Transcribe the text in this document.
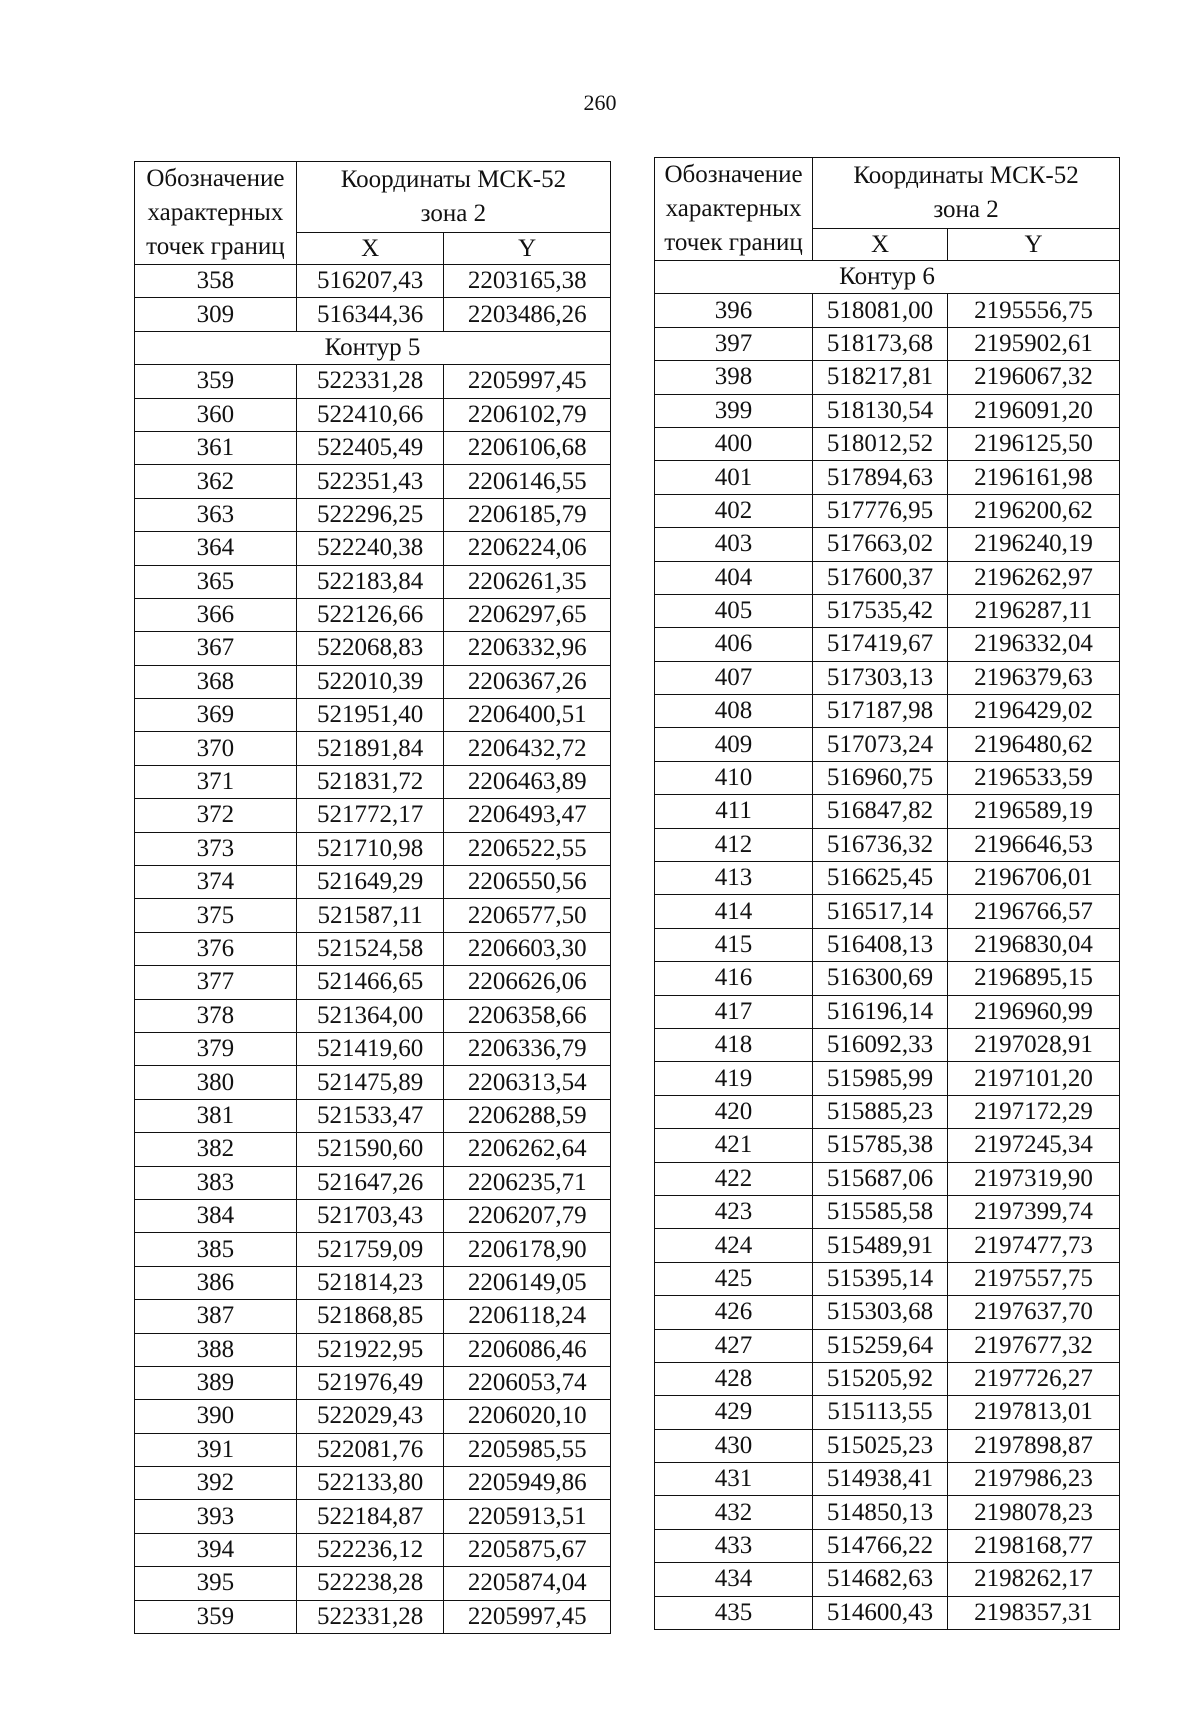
260
Обозначение
характерных
точек границ	Координаты МСК-52
зона 2	
	X	Y
358	516207,43	2203165,38
309	516344,36	2203486,26
Контур 5		
359	522331,28	2205997,45
360	522410,66	2206102,79
361	522405,49	2206106,68
362	522351,43	2206146,55
363	522296,25	2206185,79
364	522240,38	2206224,06
365	522183,84	2206261,35
366	522126,66	2206297,65
367	522068,83	2206332,96
368	522010,39	2206367,26
369	521951,40	2206400,51
370	521891,84	2206432,72
371	521831,72	2206463,89
372	521772,17	2206493,47
373	521710,98	2206522,55
374	521649,29	2206550,56
375	521587,11	2206577,50
376	521524,58	2206603,30
377	521466,65	2206626,06
378	521364,00	2206358,66
379	521419,60	2206336,79
380	521475,89	2206313,54
381	521533,47	2206288,59
382	521590,60	2206262,64
383	521647,26	2206235,71
384	521703,43	2206207,79
385	521759,09	2206178,90
386	521814,23	2206149,05
387	521868,85	2206118,24
388	521922,95	2206086,46
389	521976,49	2206053,74
390	522029,43	2206020,10
391	522081,76	2205985,55
392	522133,80	2205949,86
393	522184,87	2205913,51
394	522236,12	2205875,67
395	522238,28	2205874,04
359	522331,28	2205997,45
Обозначение
характерных
точек границ	Координаты МСК-52
зона 2	
	X	Y
Контур 6		
396	518081,00	2195556,75
397	518173,68	2195902,61
398	518217,81	2196067,32
399	518130,54	2196091,20
400	518012,52	2196125,50
401	517894,63	2196161,98
402	517776,95	2196200,62
403	517663,02	2196240,19
404	517600,37	2196262,97
405	517535,42	2196287,11
406	517419,67	2196332,04
407	517303,13	2196379,63
408	517187,98	2196429,02
409	517073,24	2196480,62
410	516960,75	2196533,59
411	516847,82	2196589,19
412	516736,32	2196646,53
413	516625,45	2196706,01
414	516517,14	2196766,57
415	516408,13	2196830,04
416	516300,69	2196895,15
417	516196,14	2196960,99
418	516092,33	2197028,91
419	515985,99	2197101,20
420	515885,23	2197172,29
421	515785,38	2197245,34
422	515687,06	2197319,90
423	515585,58	2197399,74
424	515489,91	2197477,73
425	515395,14	2197557,75
426	515303,68	2197637,70
427	515259,64	2197677,32
428	515205,92	2197726,27
429	515113,55	2197813,01
430	515025,23	2197898,87
431	514938,41	2197986,23
432	514850,13	2198078,23
433	514766,22	2198168,77
434	514682,63	2198262,17
435	514600,43	2198357,31
